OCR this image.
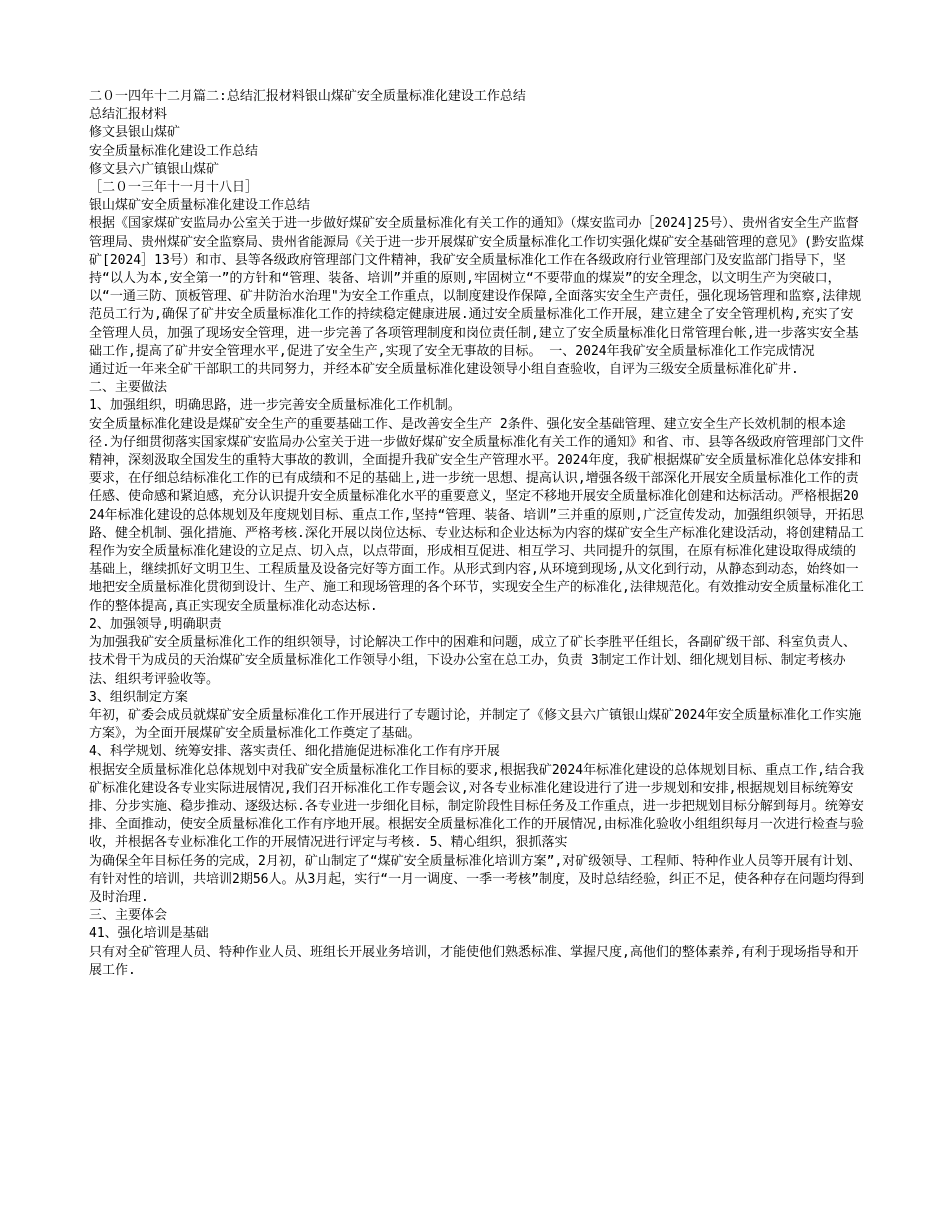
二０一四年十二月篇二:总结汇报材料银山煤矿安全质量标准化建设工作总结

总结汇报材料

修文县银山煤矿

安全质量标准化建设工作总结

修文县六广镇银山煤矿

［二０一三年十一月十八日］

银山煤矿安全质量标准化建设工作总结

根据《国家煤矿安监局办公室关于进一步做好煤矿安全质量标准化有关工作的通知》（煤安监司办［2024]25号）、贵州省安全生产监督管理局、贵州煤矿安全监察局、贵州省能源局《关于进一步开展煤矿安全质量标准化工作切实强化煤矿安全基础管理的意见》(黔安监煤矿[2024］13号）和市、县等各级政府管理部门文件精神，我矿安全质量标准化工作在各级政府行业管理部门及安监部门指导下，坚持“以人为本,安全第一”的方针和“管理、装备、培训”并重的原则,牢固树立“不要带血的煤炭”的安全理念，以文明生产为突破口，以“一通三防、顶板管理、矿井防治水治理"为安全工作重点，以制度建设作保障,全面落实安全生产责任，强化现场管理和监察,法律规范员工行为,确保了矿井安全质量标准化工作的持续稳定健康进展.通过安全质量标准化工作开展，建立建全了安全管理机构,充实了安全管理人员，加强了现场安全管理，进一步完善了各项管理制度和岗位责任制,建立了安全质量标准化日常管理台帐,进一步落实安全基础工作,提高了矿井安全管理水平,促进了安全生产,实现了安全无事故的目标。 一、2024年我矿安全质量标准化工作完成情况

通过近一年来全矿干部职工的共同努力，并经本矿安全质量标准化建设领导小组自查验收，自评为三级安全质量标准化矿井.

二、主要做法

1、加强组织，明确思路，进一步完善安全质量标准化工作机制。

安全质量标准化建设是煤矿安全生产的重要基础工作、是改善安全生产 2条件、强化安全基础管理、建立安全生产长效机制的根本途径.为仔细贯彻落实国家煤矿安监局办公室关于进一步做好煤矿安全质量标准化有关工作的通知》和省、市、县等各级政府管理部门文件精神，深刻汲取全国发生的重特大事故的教训，全面提升我矿安全生产管理水平。2024年度，我矿根据煤矿安全质量标准化总体安排和要求，在仔细总结标准化工作的已有成绩和不足的基础上,进一步统一思想、提高认识,增强各级干部深化开展安全质量标准化工作的责任感、使命感和紧迫感，充分认识提升安全质量标准化水平的重要意义，坚定不移地开展安全质量标准化创建和达标活动。严格根据2024年标准化建设的总体规划及年度规划目标、重点工作,坚持“管理、装备、培训”三并重的原则,广泛宣传发动，加强组织领导，开拓思路、健全机制、强化措施、严格考核.深化开展以岗位达标、专业达标和企业达标为内容的煤矿安全生产标准化建设活动，将创建精品工程作为安全质量标准化建设的立足点、切入点，以点带面，形成相互促进、相互学习、共同提升的氛围，在原有标准化建设取得成绩的基础上，继续抓好文明卫生、工程质量及设备完好等方面工作。从形式到内容,从环境到现场,从文化到行动，从静态到动态，始终如一地把安全质量标准化贯彻到设计、生产、施工和现场管理的各个环节，实现安全生产的标准化,法律规范化。有效推动安全质量标准化工作的整体提高,真正实现安全质量标准化动态达标.

2、加强领导,明确职责

为加强我矿安全质量标准化工作的组织领导，讨论解决工作中的困难和问题，成立了矿长李胜平任组长，各副矿级干部、科室负责人、技术骨干为成员的天治煤矿安全质量标准化工作领导小组，下设办公室在总工办，负责 3制定工作计划、细化规划目标、制定考核办法、组织考评验收等。

3、组织制定方案

年初，矿委会成员就煤矿安全质量标准化工作开展进行了专题讨论，并制定了《修文县六广镇银山煤矿2024年安全质量标准化工作实施方案》，为全面开展煤矿安全质量标准化工作奠定了基础。

4、科学规划、统筹安排、落实责任、细化措施促进标准化工作有序开展

根据安全质量标准化总体规划中对我矿安全质量标准化工作目标的要求,根据我矿2024年标准化建设的总体规划目标、重点工作,结合我矿标准化建设各专业实际进展情况,我们召开标准化工作专题会议,对各专业标准化建设进行了进一步规划和安排,根据规划目标统筹安排、分步实施、稳步推动、逐级达标.各专业进一步细化目标，制定阶段性目标任务及工作重点，进一步把规划目标分解到每月。统筹安排、全面推动，使安全质量标准化工作有序地开展。根据安全质量标准化工作的开展情况,由标准化验收小组组织每月一次进行检查与验收，并根据各专业标准化工作的开展情况进行评定与考核. 5、精心组织，狠抓落实

为确保全年目标任务的完成，2月初，矿山制定了“煤矿安全质量标准化培训方案”,对矿级领导、工程师、特种作业人员等开展有计划、有针对性的培训，共培训2期56人。从3月起，实行“一月一调度、一季一考核”制度，及时总结经验，纠正不足，使各种存在问题均得到及时治理.

三、主要体会

41、强化培训是基础

只有对全矿管理人员、特种作业人员、班组长开展业务培训，才能使他们熟悉标准、掌握尺度,高他们的整体素养,有利于现场指导和开展工作.
